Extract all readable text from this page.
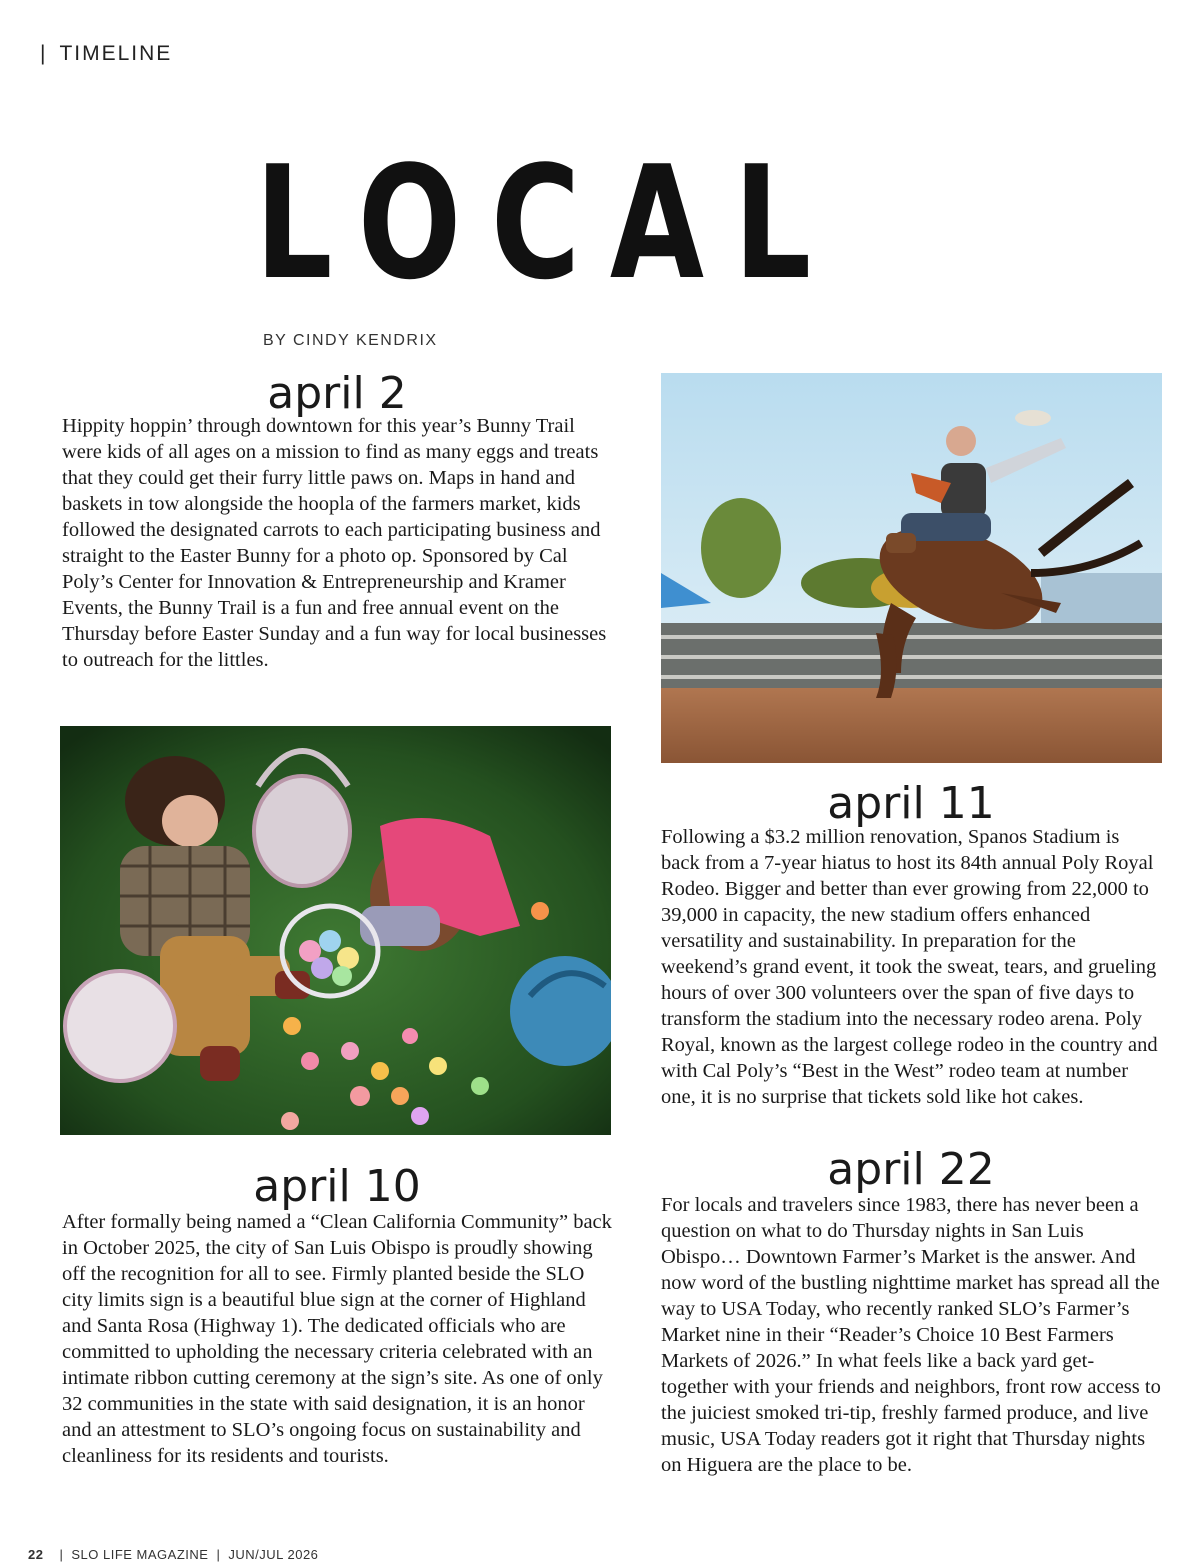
| TIMELINE
LOCAL
BY CINDY KENDRIX
april 2

Hippity hoppin’ through downtown for this year’s Bunny Trail were kids of all ages on a mission to find as many eggs and treats that they could get their furry little paws on. Maps in hand and baskets in tow alongside the hoopla of the farmers market, kids followed the designated carrots to each participating business and straight to the Easter Bunny for a photo op. Sponsored by Cal Poly’s Center for Innovation & Entrepreneurship and Kramer Events, the Bunny Trail is a fun and free annual event on the Thursday before Easter Sunday and a fun way for local businesses to outreach for the littles.

april 10

After formally being named a “Clean California Community” back in October 2025, the city of San Luis Obispo is proudly showing off the recognition for all to see. Firmly planted beside the SLO city limits sign is a beautiful blue sign at the corner of Highland and Santa Rosa (Highway 1). The dedicated officials who are committed to upholding the necessary criteria celebrated with an intimate ribbon cutting ceremony at the sign’s site. As one of only 32 communities in the state with said designation, it is an honor and an attestment to SLO’s ongoing focus on sustainability and cleanliness for its residents and tourists.

april 11

Following a $3.2 million renovation, Spanos Stadium is back from a 7-year hiatus to host its 84th annual Poly Royal Rodeo. Bigger and better than ever growing from 22,000 to 39,000 in capacity, the new stadium offers enhanced versatility and sustainability. In preparation for the weekend’s grand event, it took the sweat, tears, and grueling hours of over 300 volunteers over the span of five days to transform the stadium into the necessary rodeo arena. Poly Royal, known as the largest college rodeo in the country and with Cal Poly’s “Best in the West” rodeo team at number one, it is no surprise that tickets sold like hot cakes.

april 22

For locals and travelers since 1983, there has never been a question on what to do Thursday nights in San Luis Obispo… Downtown Farmer’s Market is the answer. And now word of the bustling nighttime market has spread all the way to USA Today, who recently ranked SLO’s Farmer’s Market nine in their “Reader’s Choice 10 Best Farmers Markets of 2026.” In what feels like a back yard get-together with your friends and neighbors, front row access to the juiciest smoked tri-tip, freshly farmed produce, and live music, USA Today readers got it right that Thursday nights on Higuera are the place to be.

22 | SLO LIFE MAGAZINE | JUN/JUL 2026
